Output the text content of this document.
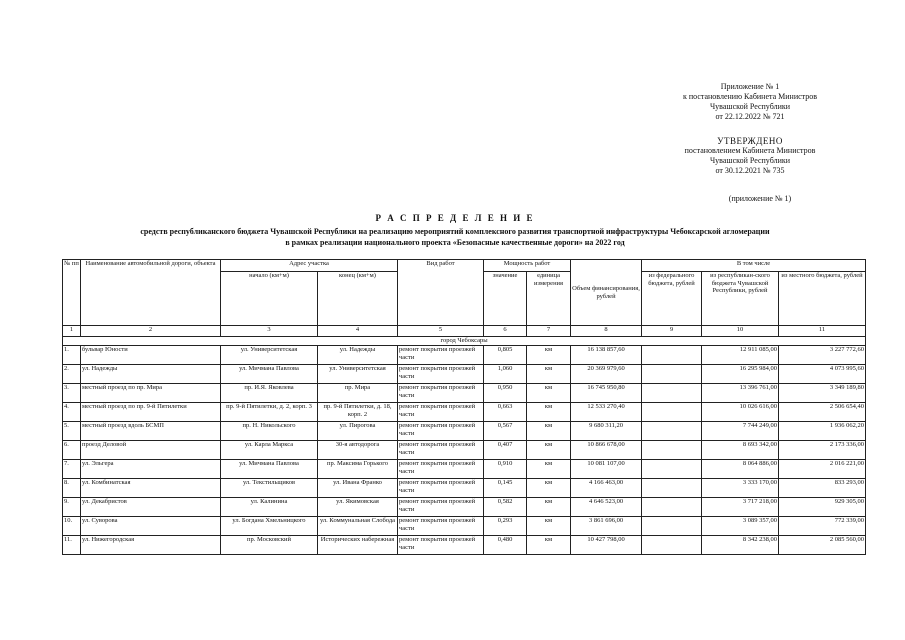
Приложение № 1
к постановлению Кабинета Министров
Чувашской Республики
от 22.12.2022 № 721
УТВЕРЖДЕНО
постановлением Кабинета Министров
Чувашской Республики
от 30.12.2021 № 735
(приложение № 1)
Р А С П Р Е Д Е Л Е Н И Е
средств республиканского бюджета Чувашской Республики на реализацию мероприятий комплексного развития транспортной инфраструктуры Чебоксарской агломерации
в рамках реализации национального проекта «Безопасные качественные дороги» на 2022 год
№ пп	Наименование автомобильной дороги, объекта	Адрес участка		Вид работ	Мощность работ		Объем финансирования, рублей	В том числе		
		начало (км+м)	конец (км+м)		значение	единица измерения		из федерального бюджета, рублей	из республикан-ского бюджета Чувашской Республики, рублей	из местного бюджета, рублей
1	2	3	4	5	6	7	8	9	10	11
город Чебоксары										
1.	бульвар Юности	ул. Университетская	ул. Надежды	ремонт покрытия проезжей части	0,805	км	16 138 857,60		12 911 085,00	3 227 772,60
2.	ул. Надежды	ул. Мичмана Павлова	ул. Университетская	ремонт покрытия проезжей части	1,060	км	20 369 979,60		16 295 984,00	4 073 995,60
3.	местный проезд по пр. Мира	пр. И.Я. Яковлева	пр. Мира	ремонт покрытия проезжей части	0,950	км	16 745 950,80		13 396 761,00	3 349 189,80
4.	местный проезд по пр. 9-й Пятилетки	пр. 9-й Пятилетки, д. 2, корп. 3	пр. 9-й Пятилетки, д. 18, корп. 2	ремонт покрытия проезжей части	0,663	км	12 533 270,40		10 026 616,00	2 506 654,40
5.	местный проезд вдоль БСМП	пр. Н. Никольского	ул. Пирогова	ремонт покрытия проезжей части	0,567	км	9 680 311,20		7 744 249,00	1 936 062,20
6.	проезд Деловой	ул. Карла Маркса	30-я автодорога	ремонт покрытия проезжей части	0,407	км	10 866 678,00		8 693 342,00	2 173 336,00
7.	ул. Эльгера	ул. Мичмана Павлова	пр. Максима Горького	ремонт покрытия проезжей части	0,910	км	10 081 107,00		8 064 886,00	2 016 221,00
8.	ул. Комбинатская	ул. Текстильщиков	ул. Ивана Франко	ремонт покрытия проезжей части	0,145	км	4 166 463,00		3 333 170,00	833 293,00
9.	ул. Декабристов	ул. Калинина	ул. Якимовская	ремонт покрытия проезжей части	0,582	км	4 646 523,00		3 717 218,00	929 305,00
10.	ул. Суворова	ул. Богдана Хмельницкого	ул. Коммунальная Слобода	ремонт покрытия проезжей части	0,293	км	3 861 696,00		3 089 357,00	772 339,00
11.	ул. Нижегородская	пр. Московский	Исторических набережная	ремонт покрытия проезжей части	0,480	км	10 427 798,00		8 342 238,00	2 085 560,00
